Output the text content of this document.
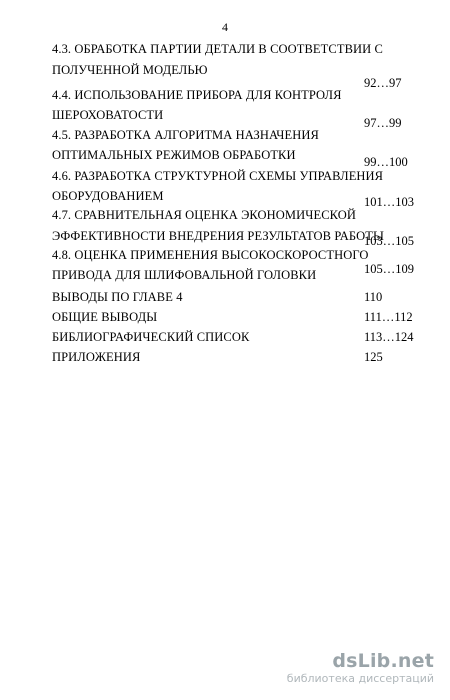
4
4.3. ОБРАБОТКА ПАРТИИ ДЕТАЛИ В СООТВЕТСТВИИ С
ПОЛУЧЕННОЙ МОДЕЛЬЮ
92…97
4.4. ИСПОЛЬЗОВАНИЕ ПРИБОРА ДЛЯ КОНТРОЛЯ
ШЕРОХОВАТОСТИ
97…99
4.5. РАЗРАБОТКА АЛГОРИТМА НАЗНАЧЕНИЯ
ОПТИМАЛЬНЫХ РЕЖИМОВ ОБРАБОТКИ	99…100
4.6. РАЗРАБОТКА СТРУКТУРНОЙ СХЕМЫ УПРАВЛЕНИЯ
ОБОРУДОВАНИЕМ	101…103
4.7. СРАВНИТЕЛЬНАЯ ОЦЕНКА ЭКОНОМИЧЕСКОЙ
ЭФФЕКТИВНОСТИ ВНЕДРЕНИЯ РЕЗУЛЬТАТОВ РАБОТЫ
103…105
4.8. ОЦЕНКА ПРИМЕНЕНИЯ ВЫСОКОСКОРОСТНОГО
ПРИВОДА ДЛЯ ШЛИФОВАЛЬНОЙ ГОЛОВКИ	105…109
ВЫВОДЫ ПО ГЛАВЕ 4	110
ОБЩИЕ ВЫВОДЫ	111…112
БИБЛИОГРАФИЧЕСКИЙ СПИСОК	113…124
ПРИЛОЖЕНИЯ	125
dsLib.net
библиотека диссертаций
